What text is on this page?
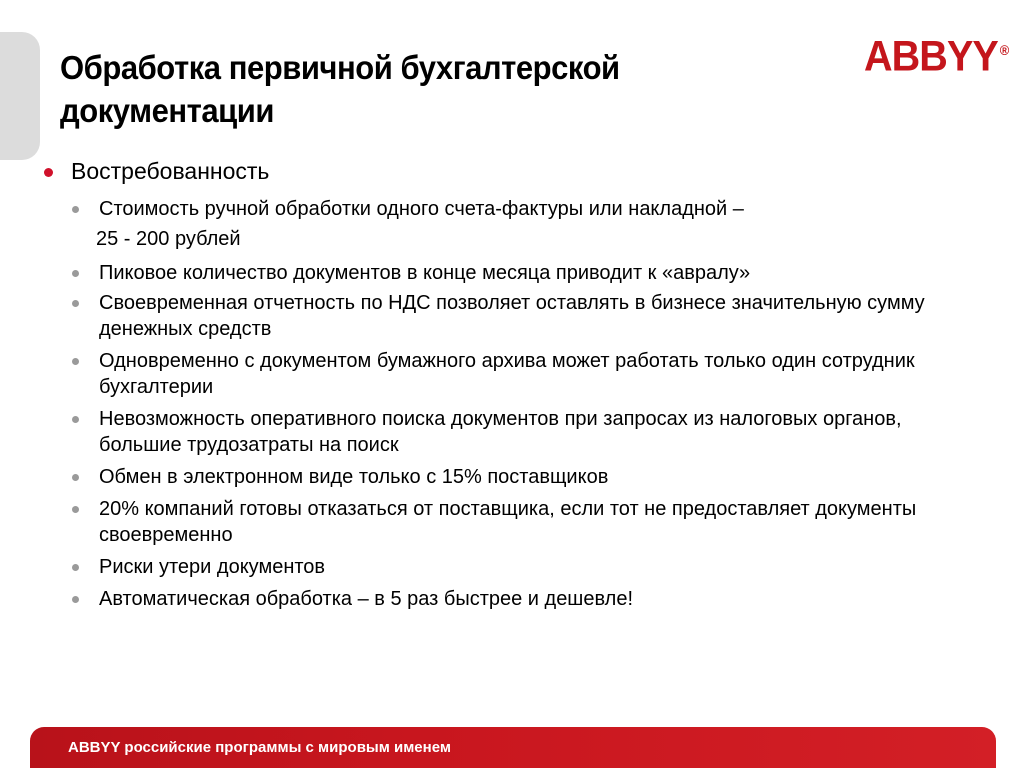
ABBYY ®
Обработка первичной бухгалтерской документации
Востребованность
Стоимость ручной обработки одного счета-фактуры или накладной –
25 - 200 рублей
Пиковое количество документов в конце месяца приводит к «авралу»
Своевременная отчетность по НДС позволяет оставлять в бизнесе значительную сумму денежных средств
Одновременно с документом бумажного архива может работать только один сотрудник бухгалтерии
Невозможность оперативного поиска документов при запросах из налоговых органов, большие трудозатраты на поиск
Обмен в электронном виде только с 15% поставщиков
20% компаний готовы отказаться от поставщика, если тот не предоставляет документы своевременно
Риски утери документов
Автоматическая обработка – в 5 раз быстрее и дешевле!
ABBYY российские программы с мировым именем
